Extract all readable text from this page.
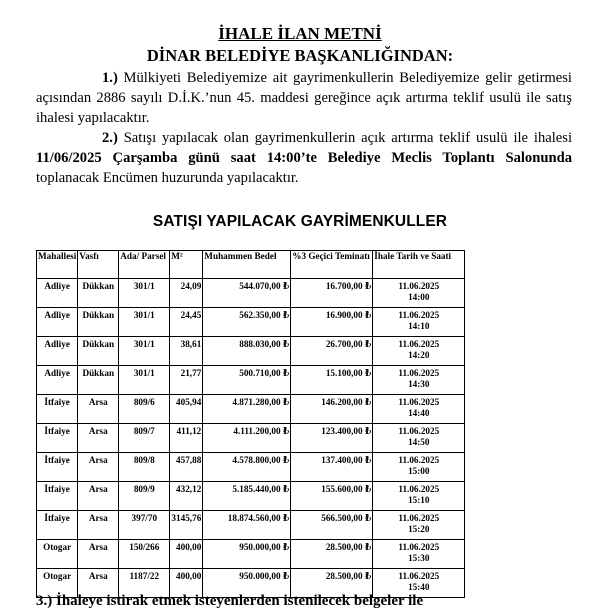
İHALE İLAN METNİ
DİNAR BELEDİYE BAŞKANLIĞINDAN:
1.) Mülkiyeti Belediyemize ait gayrimenkullerin Belediyemize gelir getirmesi açısından 2886 sayılı D.İ.K.’nun 45. maddesi gereğince açık artırma teklif usulü ile satış ihalesi yapılacaktır.
2.) Satışı yapılacak olan gayrimenkullerin açık artırma teklif usulü ile ihalesi 11/06/2025 Çarşamba günü saat 14:00’te Belediye Meclis Toplantı Salonunda toplanacak Encümen huzurunda yapılacaktır.
SATIŞI YAPILACAK GAYRİMENKULLER
Mahallesi	Vasfı	Ada/ Parsel	M²	Muhammen Bedel	%3 Geçici Teminatı	İhale Tarih ve Saati
Adliye	Dükkan	301/1	24,09	544.070,00 ₺	16.700,00 ₺	11.06.2025
14:00

Adliye	Dükkan	301/1	24,45	562.350,00 ₺	16.900,00 ₺	11.06.2025
14:10

Adliye	Dükkan	301/1	38,61	888.030,00 ₺	26.700,00 ₺	11.06.2025
14:20

Adliye	Dükkan	301/1	21,77	500.710,00 ₺	15.100,00 ₺	11.06.2025
14:30

İtfaiye	Arsa	809/6	405,94	4.871.280,00 ₺	146.200,00 ₺	11.06.2025
14:40

İtfaiye	Arsa	809/7	411,12	4.111.200,00 ₺	123.400,00 ₺	11.06.2025
14:50

İtfaiye	Arsa	809/8	457,88	4.578.800,00 ₺	137.400,00 ₺	11.06.2025
15:00

İtfaiye	Arsa	809/9	432,12	5.185.440,00 ₺	155.600,00 ₺	11.06.2025
15:10

İtfaiye	Arsa	397/70	3145,76	18.874.560,00 ₺	566.500,00 ₺	11.06.2025
15:20

Otogar	Arsa	150/266	400,00	950.000,00 ₺	28.500,00 ₺	11.06.2025
15:30

Otogar	Arsa	1187/22	400,00	950.000,00 ₺	28.500,00 ₺	11.06.2025
15:40
3.) İhaleye istirak etmek isteyenlerden istenilecek belgeler ile
